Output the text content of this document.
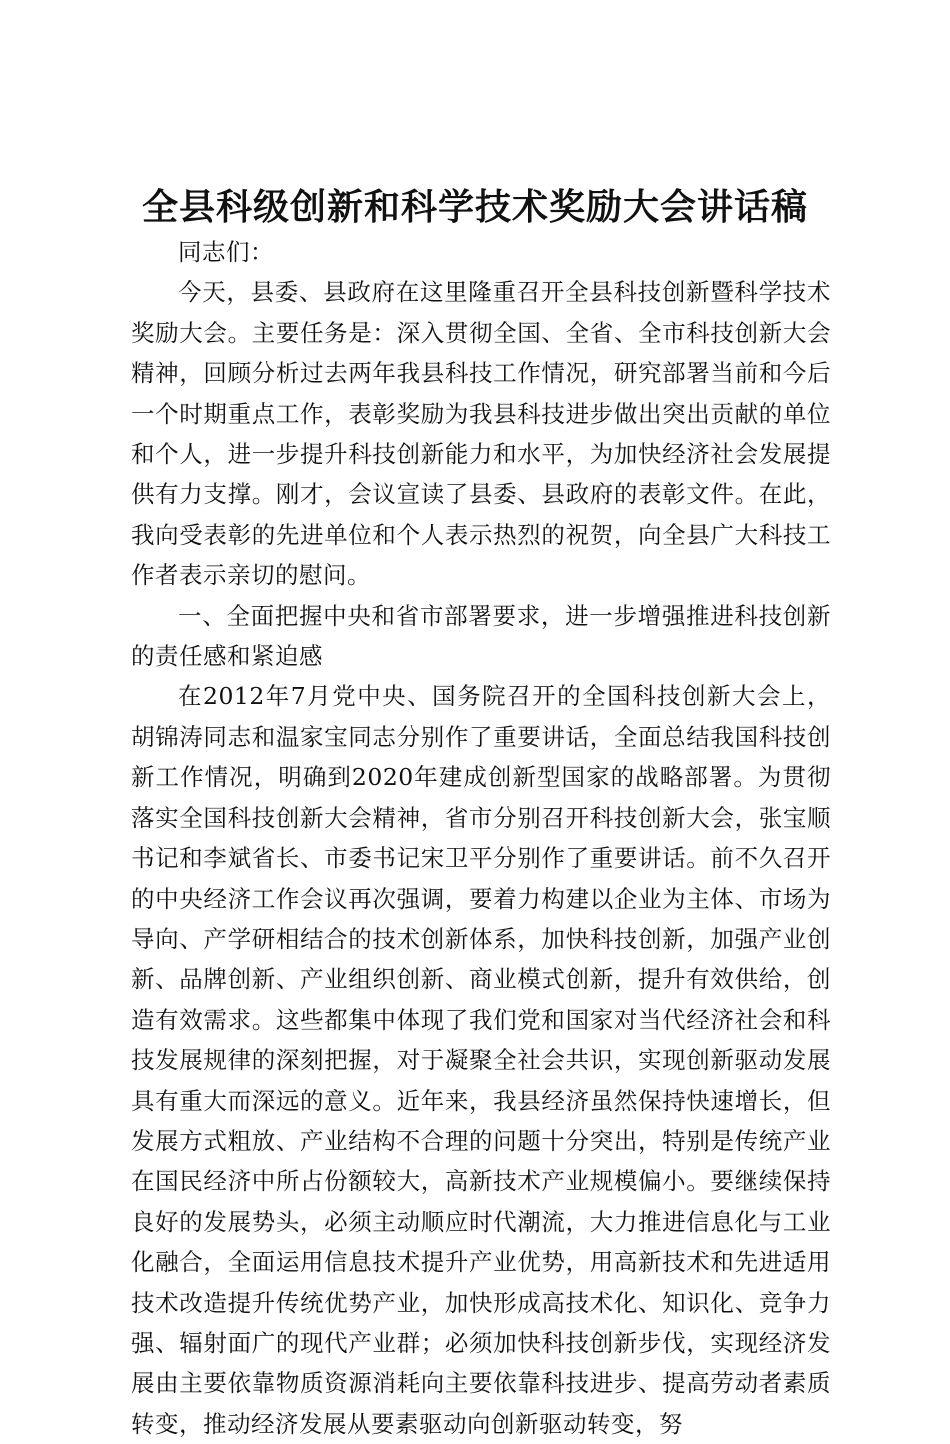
全县科级创新和科学技术奖励大会讲话稿

同志们：

今天，县委、县政府在这里隆重召开全县科技创新暨科学技术奖励大会。主要任务是：深入贯彻全国、全省、全市科技创新大会精神，回顾分析过去两年我县科技工作情况，研究部署当前和今后一个时期重点工作，表彰奖励为我县科技进步做出突出贡献的单位和个人，进一步提升科技创新能力和水平，为加快经济社会发展提供有力支撑。刚才，会议宣读了县委、县政府的表彰文件。在此，我向受表彰的先进单位和个人表示热烈的祝贺，向全县广大科技工作者表示亲切的慰问。

一、全面把握中央和省市部署要求，进一步增强推进科技创新的责任感和紧迫感

在2012年7月党中央、国务院召开的全国科技创新大会上，胡锦涛同志和温家宝同志分别作了重要讲话，全面总结我国科技创新工作情况，明确到2020年建成创新型国家的战略部署。为贯彻落实全国科技创新大会精神，省市分别召开科技创新大会，张宝顺书记和李斌省长、市委书记宋卫平分别作了重要讲话。前不久召开的中央经济工作会议再次强调，要着力构建以企业为主体、市场为导向、产学研相结合的技术创新体系，加快科技创新，加强产业创新、品牌创新、产业组织创新、商业模式创新，提升有效供给，创造有效需求。这些都集中体现了我们党和国家对当代经济社会和科技发展规律的深刻把握，对于凝聚全社会共识，实现创新驱动发展具有重大而深远的意义。近年来，我县经济虽然保持快速增长，但发展方式粗放、产业结构不合理的问题十分突出，特别是传统产业在国民经济中所占份额较大，高新技术产业规模偏小。要继续保持良好的发展势头，必须主动顺应时代潮流，大力推进信息化与工业化融合，全面运用信息技术提升产业优势，用高新技术和先进适用技术改造提升传统优势产业，加快形成高技术化、知识化、竞争力强、辐射面广的现代产业群；必须加快科技创新步伐，实现经济发展由主要依靠物质资源消耗向主要依靠科技进步、提高劳动者素质转变，推动经济发展从要素驱动向创新驱动转变，努
